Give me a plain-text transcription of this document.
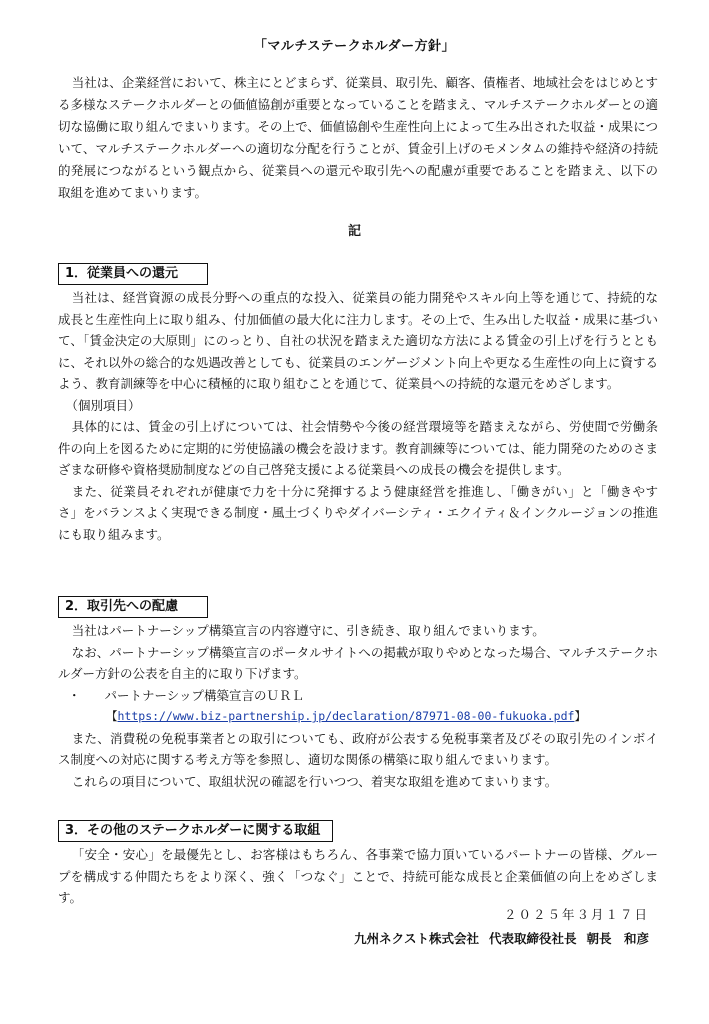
「マルチステークホルダー方針」

当社は、企業経営において、株主にとどまらず、従業員、取引先、顧客、債権者、地域社会をはじめとする多様なステークホルダーとの価値協創が重要となっていることを踏まえ、マルチステークホルダーとの適切な協働に取り組んでまいります。その上で、価値協創や生産性向上によって生み出された収益・成果について、マルチステークホルダーへの適切な分配を行うことが、賃金引上げのモメンタムの維持や経済の持続的発展につながるという観点から、従業員への還元や取引先への配慮が重要であることを踏まえ、以下の取組を進めてまいります。

記
1．従業員への還元

当社は、経営資源の成長分野への重点的な投入、従業員の能力開発やスキル向上等を通じて、持続的な成長と生産性向上に取り組み、付加価値の最大化に注力します。その上で、生み出した収益・成果に基づいて、「賃金決定の大原則」にのっとり、自社の状況を踏まえた適切な方法による賃金の引上げを行うとともに、それ以外の総合的な処遇改善としても、従業員のエンゲージメント向上や更なる生産性の向上に資するよう、教育訓練等を中心に積極的に取り組むことを通じて、従業員への持続的な還元をめざします。

（個別項目）

具体的には、賃金の引上げについては、社会情勢や今後の経営環境等を踏まえながら、労使間で労働条件の向上を図るために定期的に労使協議の機会を設けます。教育訓練等については、能力開発のためのさまざまな研修や資格奨励制度などの自己啓発支援による従業員への成長の機会を提供します。

また、従業員それぞれが健康で力を十分に発揮するよう健康経営を推進し、「働きがい」と「働きやすさ」をバランスよく実現できる制度・風土づくりやダイバーシティ・エクイティ＆インクルージョンの推進にも取り組みます。

2．取引先への配慮

当社はパートナーシップ構築宣言の内容遵守に、引き続き、取り組んでまいります。

なお、パートナーシップ構築宣言のポータルサイトへの掲載が取りやめとなった場合、マルチステークホルダー方針の公表を自主的に取り下げます。

・ パートナーシップ構築宣言のＵＲＬ

【https://www.biz-partnership.jp/declaration/87971-08-00-fukuoka.pdf】

また、消費税の免税事業者との取引についても、政府が公表する免税事業者及びその取引先のインボイス制度への対応に関する考え方等を参照し、適切な関係の構築に取り組んでまいります。

これらの項目について、取組状況の確認を行いつつ、着実な取組を進めてまいります。

3．その他のステークホルダーに関する取組

「安全・安心」を最優先とし、お客様はもちろん、各事業で協力頂いているパートナーの皆様、グループを構成する仲間たちをより深く、強く「つなぐ」ことで、持続可能な成長と企業価値の向上をめざします。

２０２５年３月１７日
九州ネクスト株式会社 代表取締役社長 朝長　和彦
